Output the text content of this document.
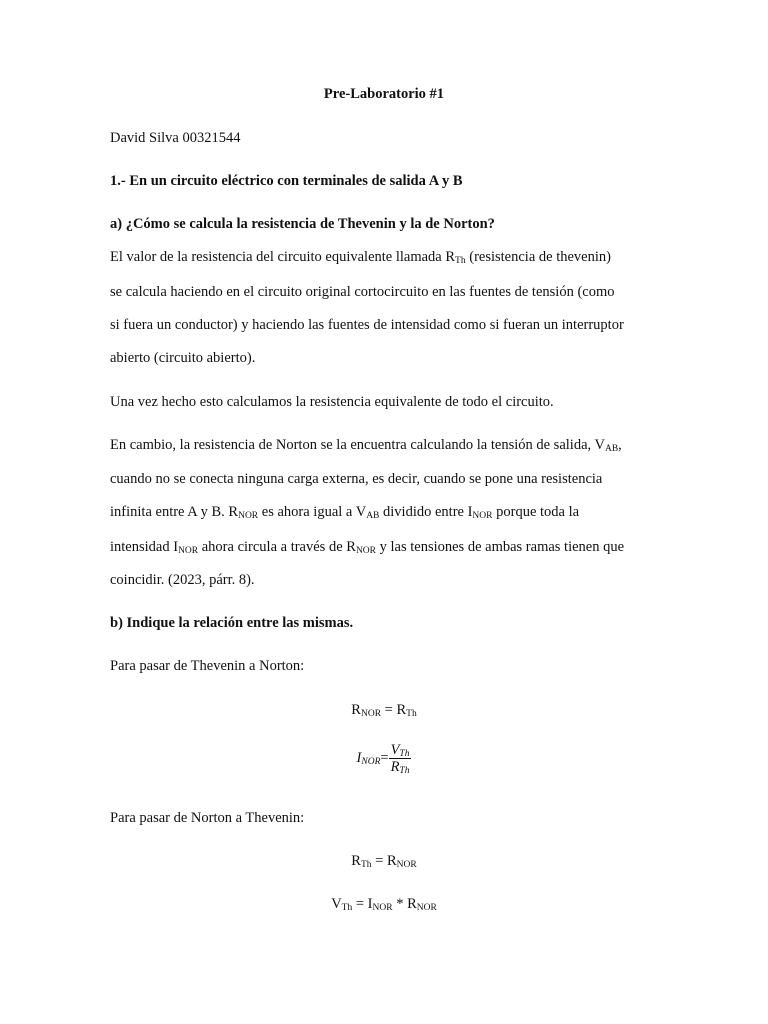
Pre-Laboratorio #1
David Silva 00321544
1.- En un circuito eléctrico con terminales de salida A y B
a) ¿Cómo se calcula la resistencia de Thevenin y la de Norton?
El valor de la resistencia del circuito equivalente llamada $R_{Th}$ (resistencia de thevenin)
se calcula haciendo en el circuito original cortocircuito en las fuentes de tensión (como
si fuera un conductor) y haciendo las fuentes de intensidad como si fueran un interruptor
abierto (circuito abierto).
Una vez hecho esto calculamos la resistencia equivalente de todo el circuito.
En cambio, la resistencia de Norton se la encuentra calculando la tensión de salida, $V_{AB}$,
cuando no se conecta ninguna carga externa, es decir, cuando se pone una resistencia
infinita entre A y B. $R_{NOR}$ es ahora igual a $V_{AB}$ dividido entre $I_{NOR}$ porque toda la
intensidad $I_{NOR}$ ahora circula a través de $R_{NOR}$ y las tensiones de ambas ramas tienen que
coincidir. (2023, párr. 8).
b) Indique la relación entre las mismas.
Para pasar de Thevenin a Norton:
$R_{NOR} = R_{Th}$
$I_{NOR}= \frac{V_{Th}}{R_{Th}}$
Para pasar de Norton a Thevenin:
$R_{Th} = R_{NOR}$
$V_{Th} = I_{NOR} * R_{NOR}$
